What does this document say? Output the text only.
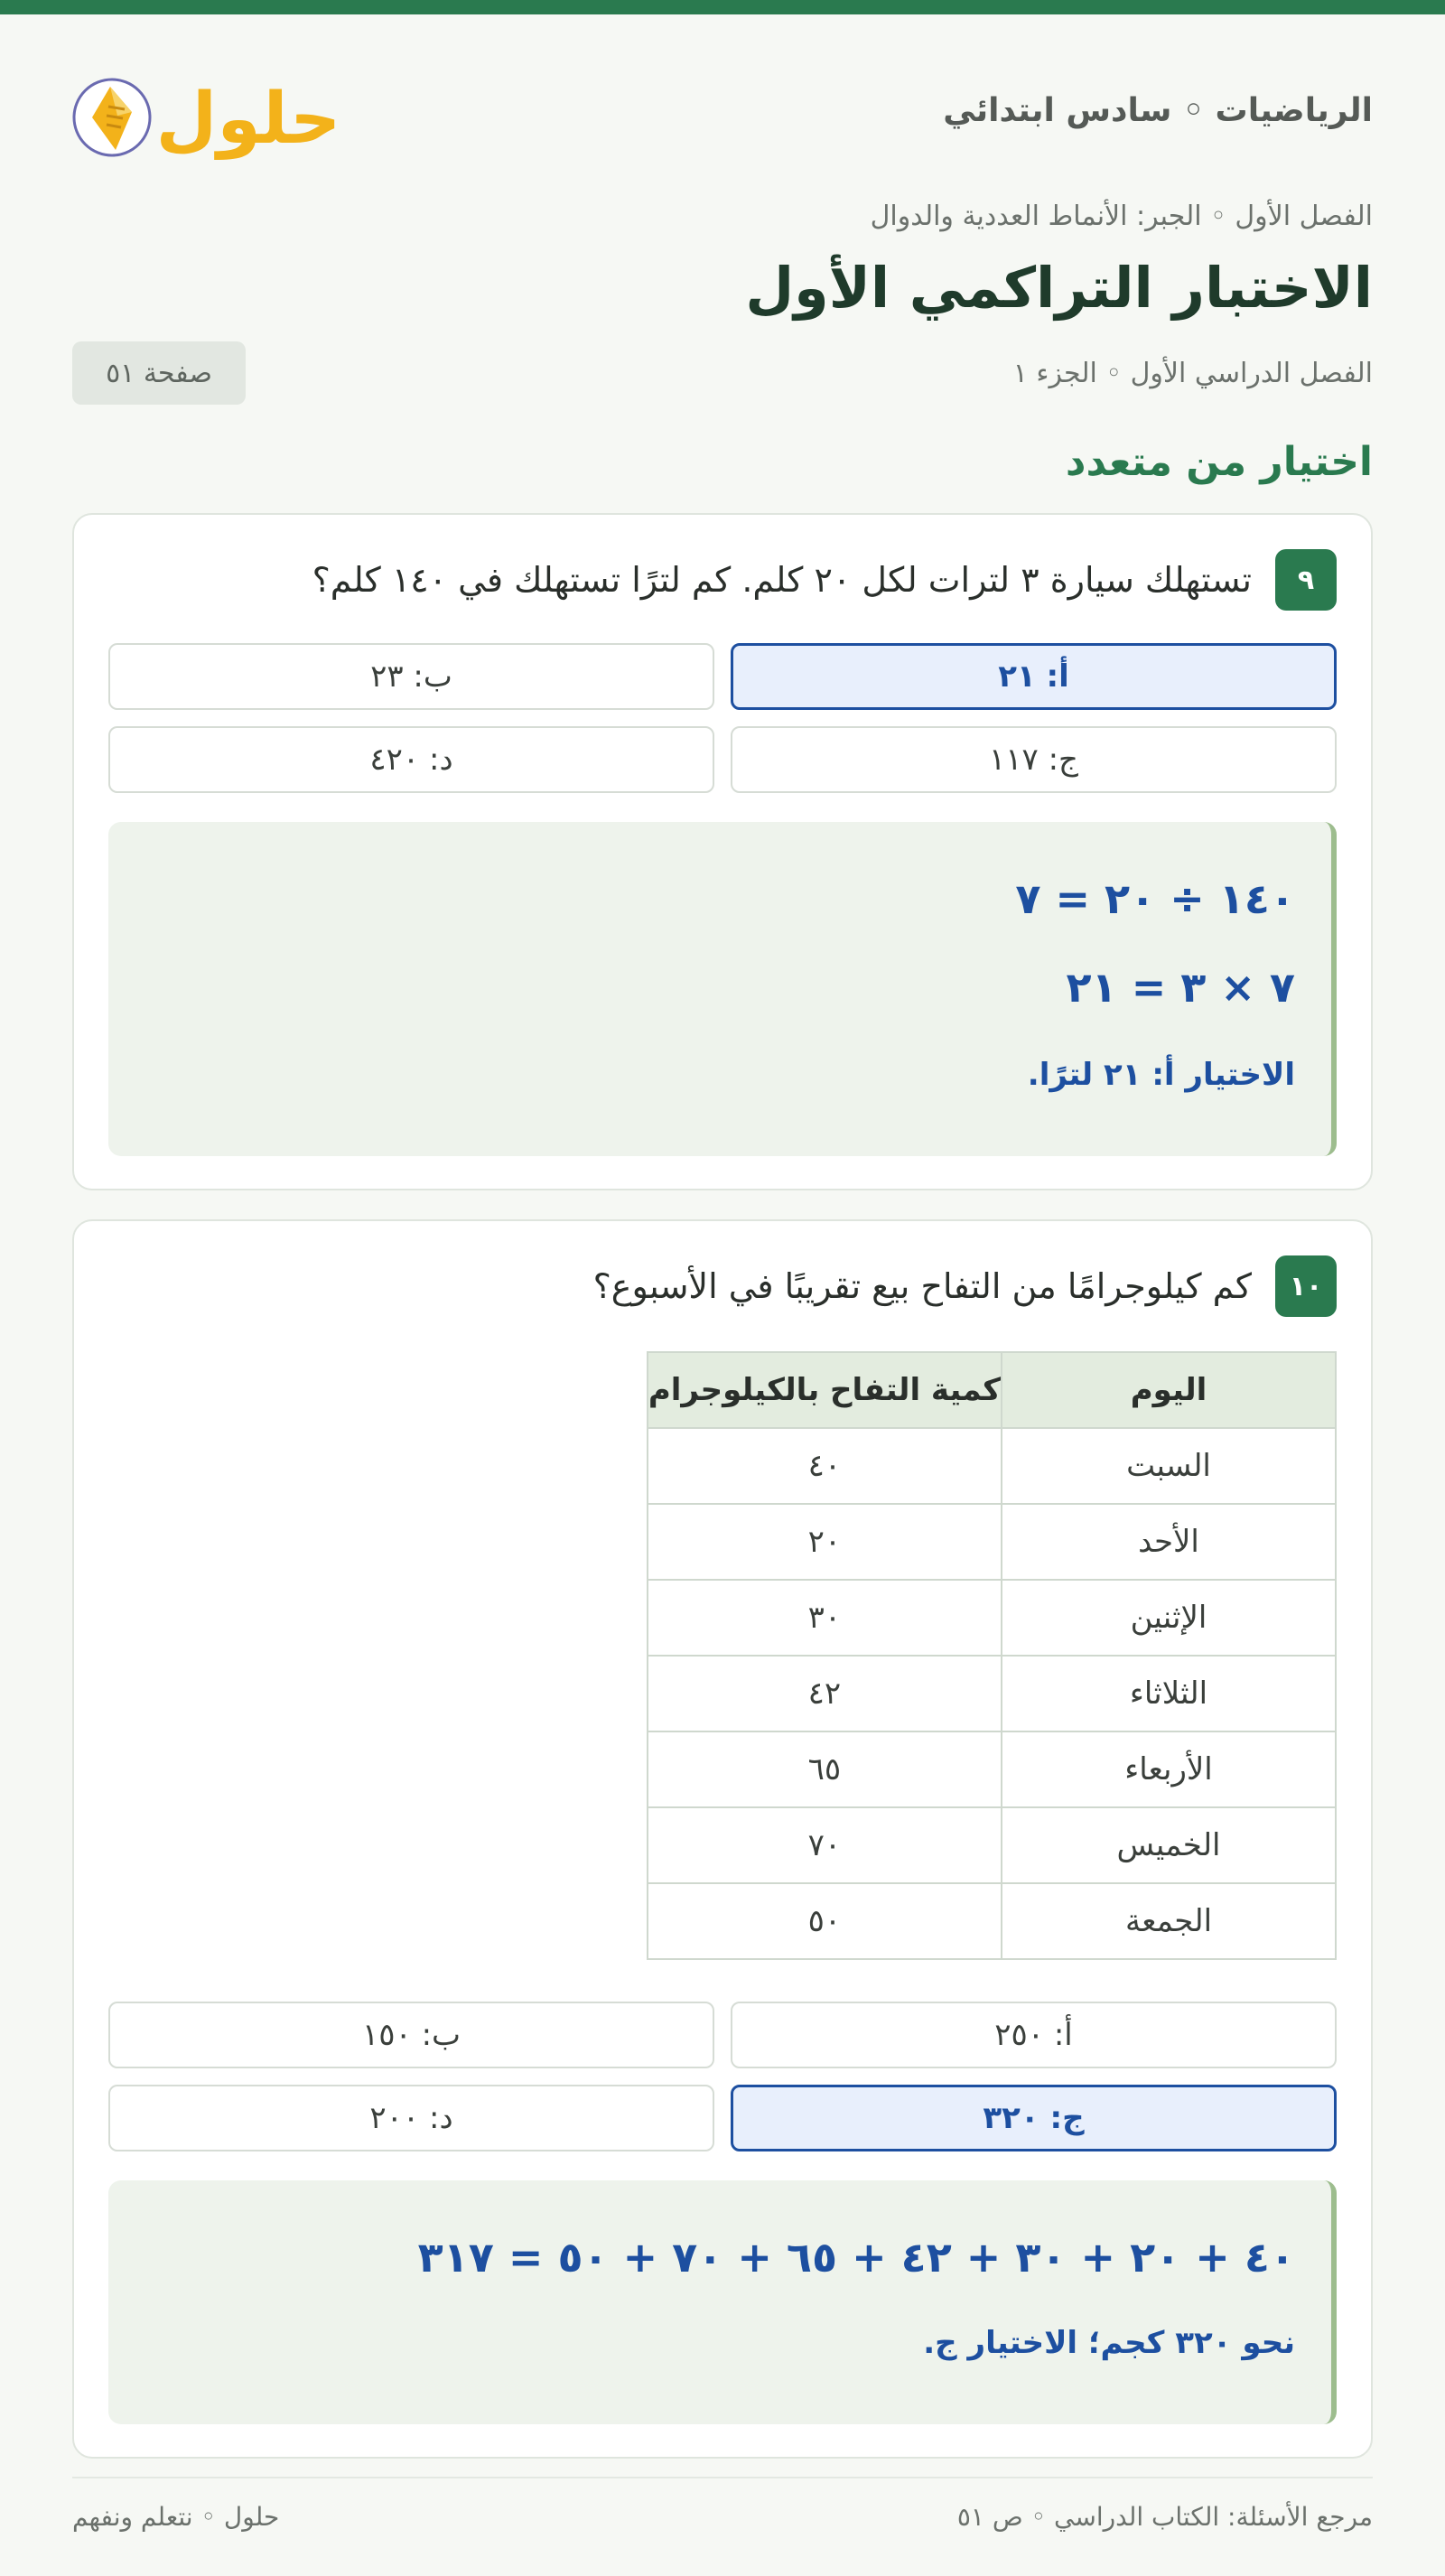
الرياضيات ◦ سادس ابتدائي
حلول
الفصل الأول ◦ الجبر: الأنماط العددية والدوال
الاختبار التراكمي الأول
الفصل الدراسي الأول ◦ الجزء ١
صفحة ٥١
اختيار من متعدد
٩
تستهلك سيارة ٣ لترات لكل ٢٠ كلم. كم لترًا تستهلك في ١٤٠ كلم؟
أ: ٢١
ب: ٢٣
ج: ١١٧
د: ٤٢٠
١٤٠ ÷ ٢٠ = ٧
٧ × ٣ = ٢١
الاختيار أ: ٢١ لترًا.
١٠
كم كيلوجرامًا من التفاح بيع تقريبًا في الأسبوع؟
اليوم	كمية التفاح بالكيلوجرام
السبت	٤٠
الأحد	٢٠
الإثنين	٣٠
الثلاثاء	٤٢
الأربعاء	٦٥
الخميس	٧٠
الجمعة	٥٠
أ: ٢٥٠
ب: ١٥٠
ج: ٣٢٠
د: ٢٠٠
٤٠ + ٢٠ + ٣٠ + ٤٢ + ٦٥ + ٧٠ + ٥٠ = ٣١٧
نحو ٣٢٠ كجم؛ الاختيار ج.
مرجع الأسئلة: الكتاب الدراسي ◦ ص ٥١
حلول ◦ نتعلم ونفهم
